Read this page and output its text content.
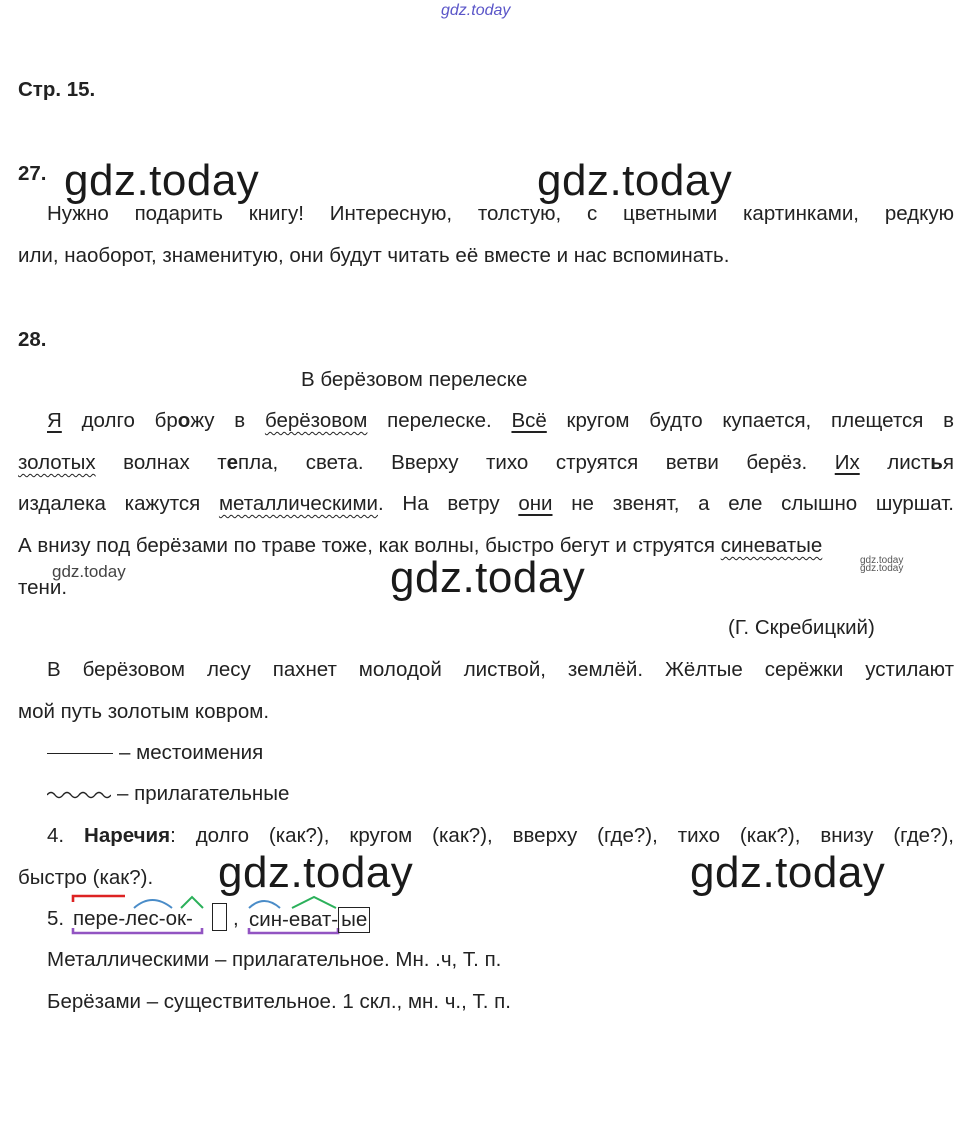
gdz.today
Стр. 15.
27. gdz.today	gdz.today
Нужно подарить книгу! Интересную, толстую, с цветными картинками, редкую
или, наоборот, знаменитую, они будут читать её вместе и нас вспоминать.
28.
В берёзовом перелеске
Я долго брожу в берёзовом перелеске. Всё кругом будто купается, плещется в
золотых волнах тепла, света. Вверху тихо струятся ветви берёз. Их листья
издалека кажутся металлическими. На ветру они не звенят, а еле слышно шуршат.
А внизу под берёзами по траве тоже, как волны, быстро бегут и струятся синеватые
gdz.today
gdz.today
gdz.today
тени.	gdz.today
(Г. Скребицкий)
В берёзовом лесу пахнет молодой листвой, землёй. Жёлтые серёжки устилают
мой путь золотым ковром.
– местоимения
– прилагательные
4. Наречия: долго (как?), кругом (как?), вверху (где?), тихо (как?), внизу (где?),
быстро (как?). gdz.today	gdz.today
5. пере-лес-ок- , син-еват- ые
Металлическими – прилагательное. Мн. .ч, Т. п.
Берёзами – существительное. 1 скл., мн. ч., Т. п.
